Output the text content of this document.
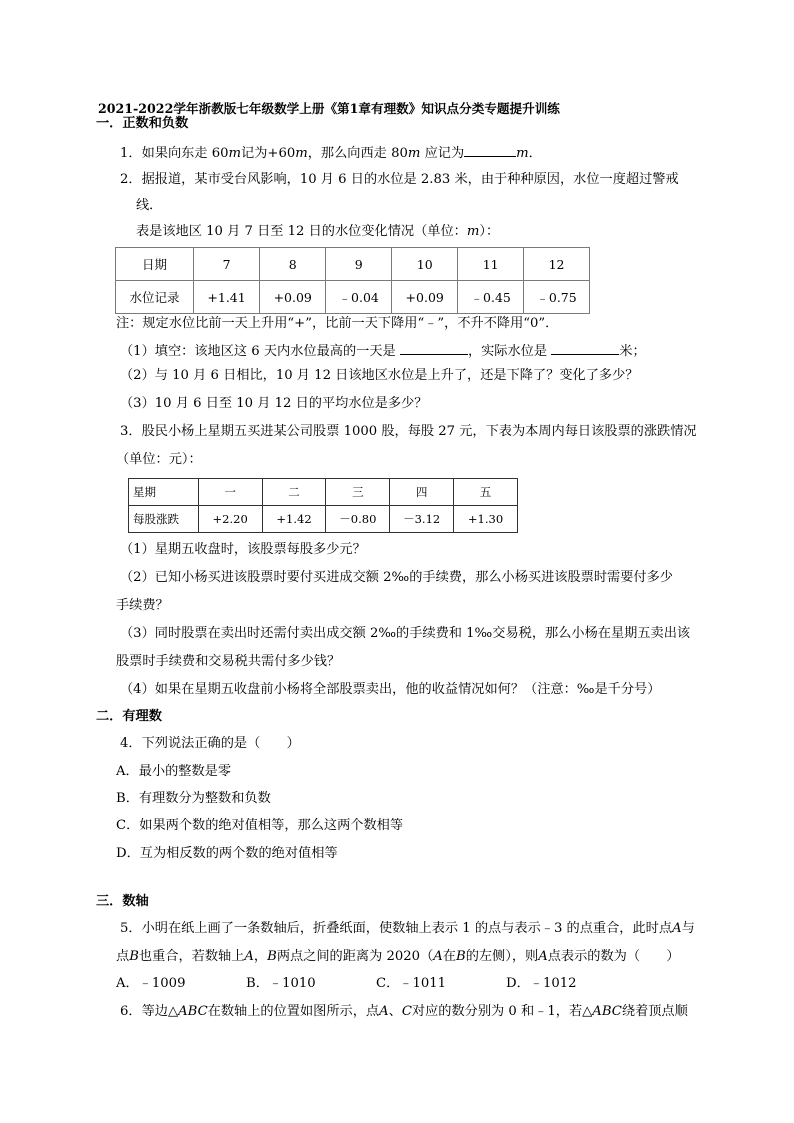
2021-2022学年浙教版七年级数学上册《第1章有理数》知识点分类专题提升训练
一．正数和负数
1．如果向东走 60m记为+60m，那么向西走 80m 应记为	m．
2．据报道，某市受台风影响，10 月 6 日的水位是 2.83 米，由于种种原因，水位一度超过警戒
线．
表是该地区 10 月 7 日至 12 日的水位变化情况（单位：m）：
日期	7	8	9	10	11	12
水位记录	+1.41	+0.09	﹣0.04	+0.09	﹣0.45	﹣0.75
注：规定水位比前一天上升用“+”，比前一天下降用“﹣”，不升不降用“0”．
（1）填空：该地区这 6 天内水位最高的一天是	，实际水位是	米；
（2）与 10 月 6 日相比，10 月 12 日该地区水位是上升了，还是下降了？变化了多少？
（3）10 月 6 日至 10 月 12 日的平均水位是多少？
3．股民小杨上星期五买进某公司股票 1000 股，每股 27 元，下表为本周内每日该股票的涨跌情况
（单位：元）：
星期	一	二	三	四	五
每股涨跌	+2.20	+1.42	－0.80	－3.12	+1.30
（1）星期五收盘时，该股票每股多少元？
（2）已知小杨买进该股票时要付买进成交额 2‰的手续费，那么小杨买进该股票时需要付多少
手续费？
（3）同时股票在卖出时还需付卖出成交额 2‰的手续费和 1‰交易税，那么小杨在星期五卖出该
股票时手续费和交易税共需付多少钱？
（4）如果在星期五收盘前小杨将全部股票卖出，他的收益情况如何？（注意：‰是千分号）
二．有理数
4．下列说法正确的是（　　）
A．最小的整数是零
B．有理数分为整数和负数
C．如果两个数的绝对值相等，那么这两个数相等
D．互为相反数的两个数的绝对值相等
三．数轴
5．小明在纸上画了一条数轴后，折叠纸面，使数轴上表示 1 的点与表示﹣3 的点重合，此时点A与
点B也重合，若数轴上A，B两点之间的距离为 2020（A在B的左侧），则A点表示的数为（　　）
A．﹣1009	B．﹣1010	C．﹣1011	D．﹣1012
6．等边△ABC在数轴上的位置如图所示，点A、C对应的数分别为 0 和﹣1，若△ABC绕着顶点顺
